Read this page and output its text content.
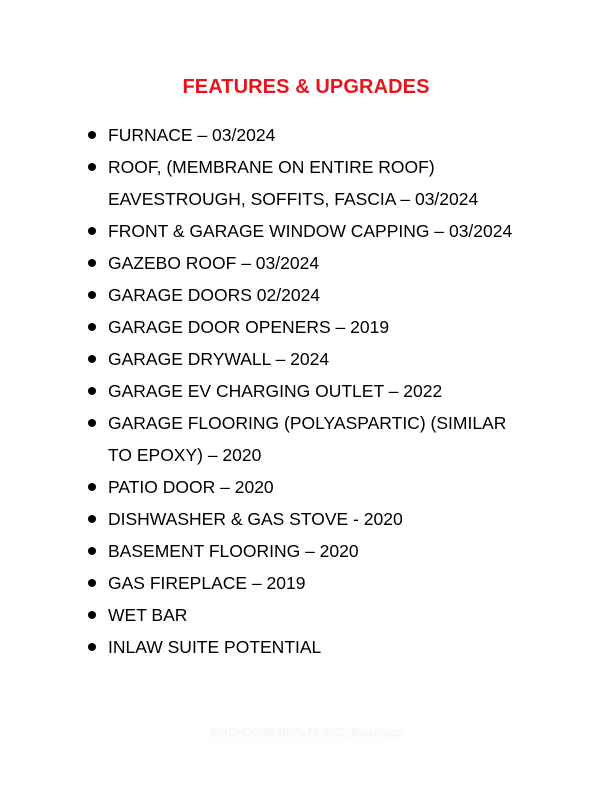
FEATURES & UPGRADES
FURNACE – 03/2024
ROOF, (MEMBRANE ON ENTIRE ROOF) EAVESTROUGH, SOFFITS, FASCIA – 03/2024
FRONT & GARAGE WINDOW CAPPING – 03/2024
GAZEBO ROOF – 03/2024
GARAGE DOORS 02/2024
GARAGE DOOR OPENERS – 2019
GARAGE DRYWALL – 2024
GARAGE EV CHARGING OUTLET – 2022
GARAGE FLOORING (POLYASPARTIC) (SIMILAR TO EPOXY) – 2020
PATIO DOOR – 2020
DISHWASHER & GAS STOVE - 2020
BASEMENT FLOORING – 2020
GAS FIREPLACE – 2019
WET BAR
INLAW SUITE POTENTIAL
BIRDHOUSE REALTY INC., Brokerage
